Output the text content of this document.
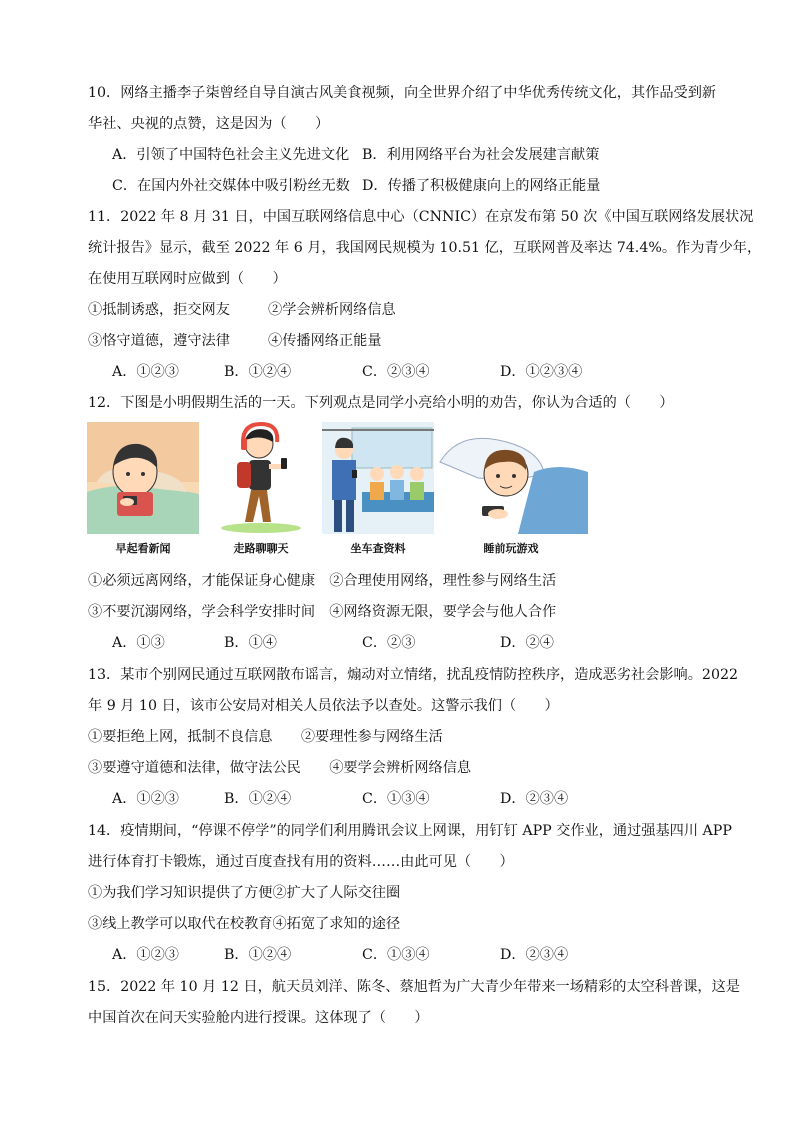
10．网络主播李子柒曾经自导自演古风美食视频，向全世界介绍了中华优秀传统文化，其作品受到新
华社、央视的点赞，这是因为（　　）
A．引领了中国特色社会主义先进文化 B．利用网络平台为社会发展建言献策
C．在国内外社交媒体中吸引粉丝无数 D．传播了积极健康向上的网络正能量
11．2022 年 8 月 31 日，中国互联网络信息中心（CNNIC）在京发布第 50 次《中国互联网络发展状况
统计报告》显示，截至 2022 年 6 月，我国网民规模为 10.51 亿，互联网普及率达 74.4%。作为青少年，
在使用互联网时应做到（　　）
①抵制诱惑，拒交网友	②学会辨析网络信息
③恪守道德，遵守法律	④传播网络正能量
A．①②③	B．①②④	C．②③④	D．①②③④
12．下图是小明假期生活的一天。下列观点是同学小亮给小明的劝告，你认为合适的（　　）
早起看新闻	走路聊聊天	坐车查资料	睡前玩游戏
①必须远离网络，才能保证身心健康　②合理使用网络，理性参与网络生活
③不要沉溺网络，学会科学安排时间　④网络资源无限，要学会与他人合作
A．①③	B．①④	C．②③	D．②④
13．某市个别网民通过互联网散布谣言，煽动对立情绪，扰乱疫情防控秩序，造成恶劣社会影响。2022
年 9 月 10 日，该市公安局对相关人员依法予以查处。这警示我们（　　）
①要拒绝上网，抵制不良信息　　②要理性参与网络生活
③要遵守道德和法律，做守法公民　　④要学会辨析网络信息
A．①②③	B．①②④	C．①③④	D．②③④
14．疫情期间，“停课不停学”的同学们利用腾讯会议上网课，用钉钉 APP 交作业，通过强基四川 APP
进行体育打卡锻炼，通过百度查找有用的资料……由此可见（　　）
①为我们学习知识提供了方便②扩大了人际交往圈
③线上教学可以取代在校教育④拓宽了求知的途径
A．①②③	B．①②④	C．①③④	D．②③④
15．2022 年 10 月 12 日，航天员刘洋、陈冬、蔡旭哲为广大青少年带来一场精彩的太空科普课，这是
中国首次在问天实验舱内进行授课。这体现了（　　）
